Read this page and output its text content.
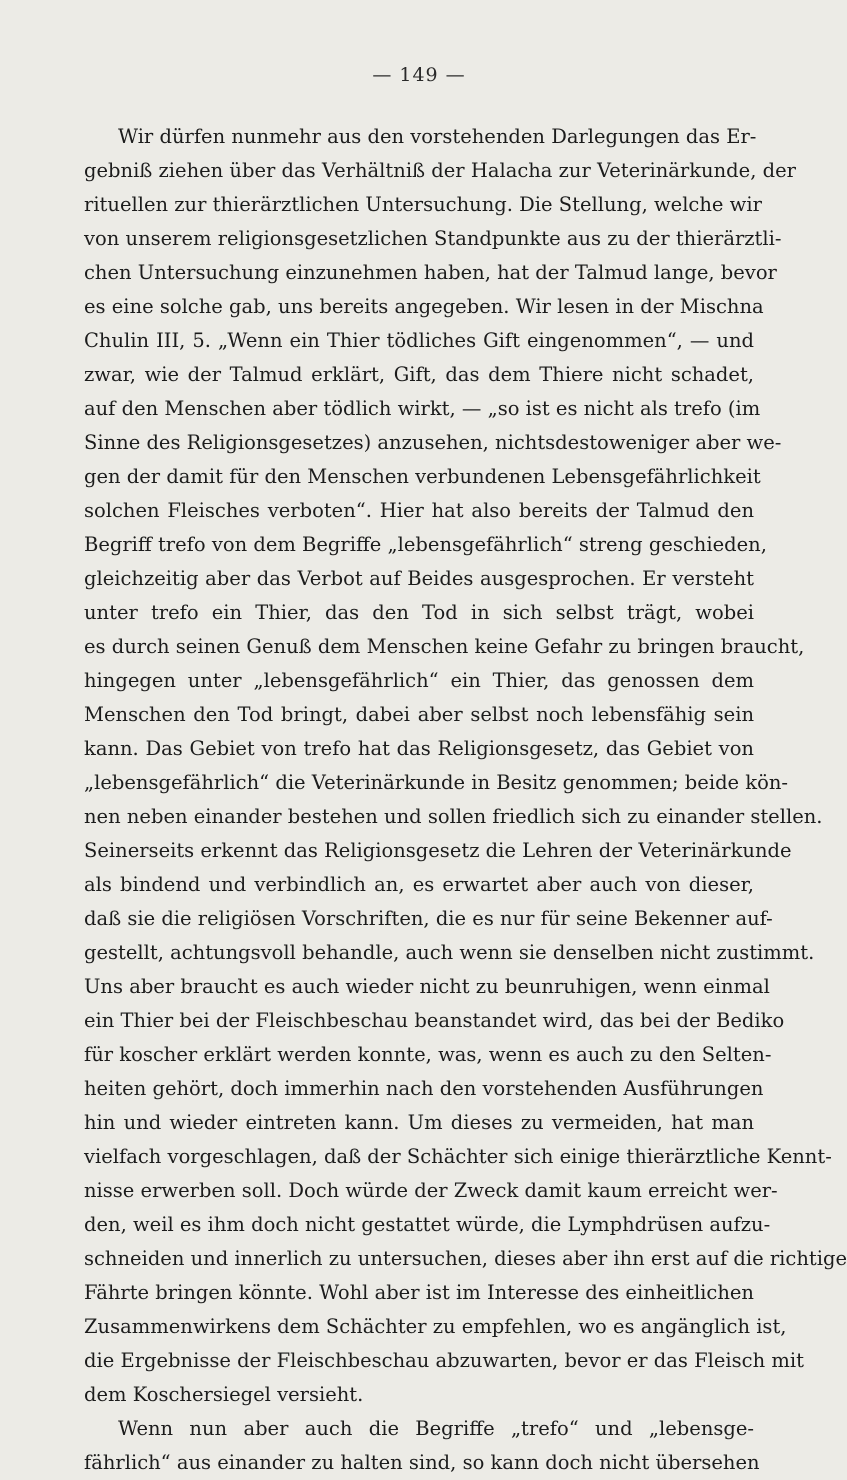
— 149 —
Wir dürfen nunmehr aus den vorstehenden Darlegungen das Er-
gebniß ziehen über das Verhältniß der Halacha zur Veterinärkunde, der
rituellen zur thierärztlichen Untersuchung. Die Stellung, welche wir
von unserem religionsgesetzlichen Standpunkte aus zu der thierärztli-
chen Untersuchung einzunehmen haben, hat der Talmud lange, bevor
es eine solche gab, uns bereits angegeben. Wir lesen in der Mischna
Chulin III, 5. „Wenn ein Thier tödliches Gift eingenommen“, — und
zwar, wie der Talmud erklärt, Gift, das dem Thiere nicht schadet,
auf den Menschen aber tödlich wirkt, — „so ist es nicht als trefo (im
Sinne des Religionsgesetzes) anzusehen, nichtsdestoweniger aber we-
gen der damit für den Menschen verbundenen Lebensgefährlichkeit
solchen Fleisches verboten“. Hier hat also bereits der Talmud den
Begriff trefo von dem Begriffe „lebensgefährlich“ streng geschieden,
gleichzeitig aber das Verbot auf Beides ausgesprochen. Er versteht
unter trefo ein Thier, das den Tod in sich selbst trägt, wobei
es durch seinen Genuß dem Menschen keine Gefahr zu bringen braucht,
hingegen unter „lebensgefährlich“ ein Thier, das genossen dem
Menschen den Tod bringt, dabei aber selbst noch lebensfähig sein
kann. Das Gebiet von trefo hat das Religionsgesetz, das Gebiet von
„lebensgefährlich“ die Veterinärkunde in Besitz genommen; beide kön-
nen neben einander bestehen und sollen friedlich sich zu einander stellen.
Seinerseits erkennt das Religionsgesetz die Lehren der Veterinärkunde
als bindend und verbindlich an, es erwartet aber auch von dieser,
daß sie die religiösen Vorschriften, die es nur für seine Bekenner auf-
gestellt, achtungsvoll behandle, auch wenn sie denselben nicht zustimmt.
Uns aber braucht es auch wieder nicht zu beunruhigen, wenn einmal
ein Thier bei der Fleischbeschau beanstandet wird, das bei der Bediko
für koscher erklärt werden konnte, was, wenn es auch zu den Selten-
heiten gehört, doch immerhin nach den vorstehenden Ausführungen
hin und wieder eintreten kann. Um dieses zu vermeiden, hat man
vielfach vorgeschlagen, daß der Schächter sich einige thierärztliche Kennt-
nisse erwerben soll. Doch würde der Zweck damit kaum erreicht wer-
den, weil es ihm doch nicht gestattet würde, die Lymphdrüsen aufzu-
schneiden und innerlich zu untersuchen, dieses aber ihn erst auf die richtige
Fährte bringen könnte. Wohl aber ist im Interesse des einheitlichen
Zusammenwirkens dem Schächter zu empfehlen, wo es angänglich ist,
die Ergebnisse der Fleischbeschau abzuwarten, bevor er das Fleisch mit
dem Koschersiegel versieht.
Wenn nun aber auch die Begriffe „trefo“ und „lebensge-
fährlich“ aus einander zu halten sind, so kann doch nicht übersehen
